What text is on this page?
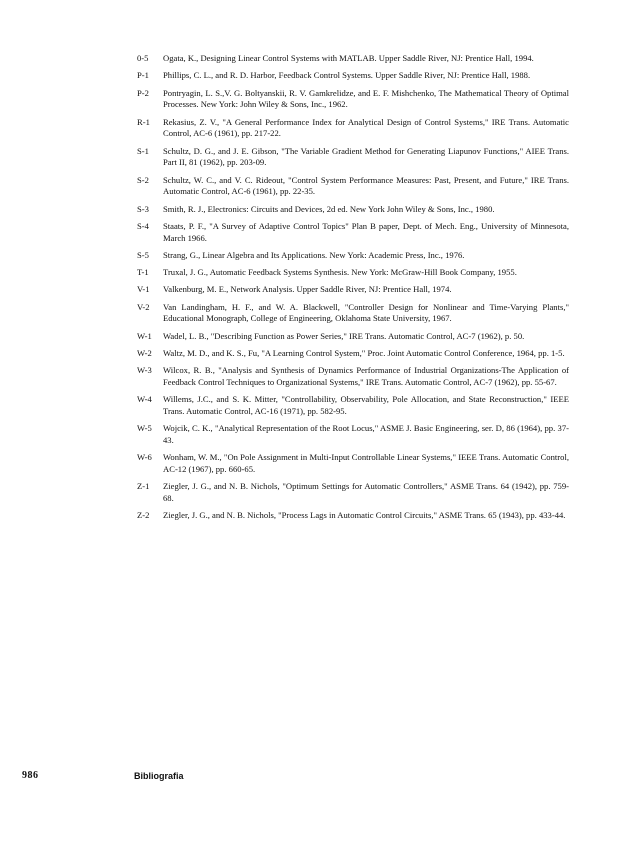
0-5 Ogata, K., Designing Linear Control Systems with MATLAB. Upper Saddle River, NJ: Prentice Hall, 1994.
P-1 Phillips, C. L., and R. D. Harbor, Feedback Control Systems. Upper Saddle River, NJ: Prentice Hall, 1988.
P-2 Pontryagin, L. S.,V. G. Boltyanskii, R. V. Gamkrelidze, and E. F. Mishchenko, The Mathematical Theory of Optimal Processes. New York: John Wiley & Sons, Inc., 1962.
R-1 Rekasius, Z. V., "A General Performance Index for Analytical Design of Control Systems," IRE Trans. Automatic Control, AC-6 (1961), pp. 217-22.
S-1 Schultz, D. G., and J. E. Gibson, "The Variable Gradient Method for Generating Liapunov Functions," AIEE Trans. Part II, 81 (1962), pp. 203-09.
S-2 Schultz, W. C., and V. C. Rideout, "Control System Performance Measures: Past, Present, and Future," IRE Trans. Automatic Control, AC-6 (1961), pp. 22-35.
S-3 Smith, R. J., Electronics: Circuits and Devices, 2d ed. New York John Wiley & Sons, Inc., 1980.
S-4 Staats, P. F., "A Survey of Adaptive Control Topics" Plan B paper, Dept. of Mech. Eng., University of Minnesota, March 1966.
S-5 Strang, G., Linear Algebra and Its Applications. New York: Academic Press, Inc., 1976.
T-1 Truxal, J. G., Automatic Feedback Systems Synthesis. New York: McGraw-Hill Book Company, 1955.
V-1 Valkenburg, M. E., Network Analysis. Upper Saddle River, NJ: Prentice Hall, 1974.
V-2 Van Landingham, H. F., and W. A. Blackwell, "Controller Design for Nonlinear and Time-Varying Plants," Educational Monograph, College of Engineering, Oklahoma State University, 1967.
W-1 Wadel, L. B., "Describing Function as Power Series," IRE Trans. Automatic Control, AC-7 (1962), p. 50.
W-2 Waltz, M. D., and K. S., Fu, "A Learning Control System," Proc. Joint Automatic Control Conference, 1964, pp. 1-5.
W-3 Wilcox, R. B., "Analysis and Synthesis of Dynamics Performance of Industrial Organizations-The Application of Feedback Control Techniques to Organizational Systems," IRE Trans. Automatic Control, AC-7 (1962), pp. 55-67.
W-4 Willems, J.C., and S. K. Mitter, "Controllability, Observability, Pole Allocation, and State Reconstruction," IEEE Trans. Automatic Control, AC-16 (1971), pp. 582-95.
W-5 Wojcik, C. K., "Analytical Representation of the Root Locus," ASME J. Basic Engineering, ser. D, 86 (1964), pp. 37-43.
W-6 Wonham, W. M., "On Pole Assignment in Multi-Input Controllable Linear Systems," IEEE Trans. Automatic Control, AC-12 (1967), pp. 660-65.
Z-1 Ziegler, J. G., and N. B. Nichols, "Optimum Settings for Automatic Controllers," ASME Trans. 64 (1942), pp. 759-68.
Z-2 Ziegler, J. G., and N. B. Nichols, "Process Lags in Automatic Control Circuits," ASME Trans. 65 (1943), pp. 433-44.
986	Bibliografia
